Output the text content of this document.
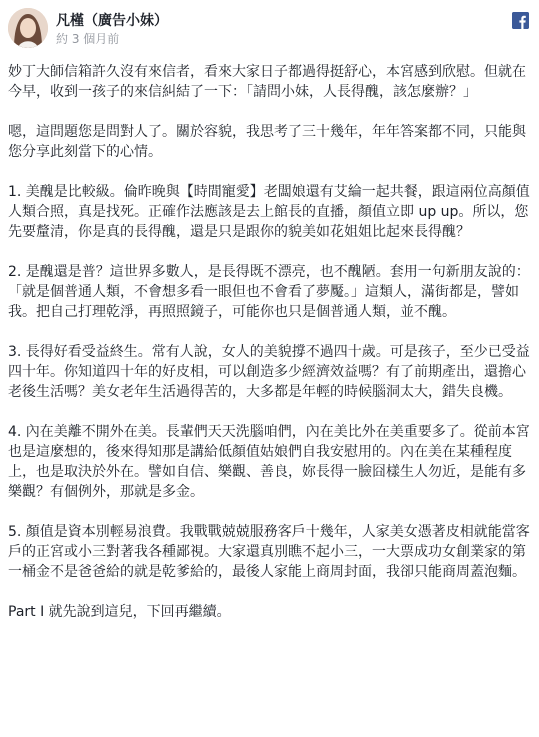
凡槿（廣告小妹）
約 3 個月前

妙丁大師信箱許久沒有來信者，看來大家日子都過得挺舒心，本宮感到欣慰。但就在今早，收到一孩子的來信糾結了一下：「請問小妹，人長得醜，該怎麼辦？」

嗯，這問題您是問對人了。關於容貌，我思考了三十幾年，年年答案都不同，只能與您分享此刻當下的心情。

1. 美醜是比較級。倫昨晚與【時間寵愛】老闆娘還有艾綸一起共餐，跟這兩位高顏值人類合照，真是找死。正確作法應該是去上館長的直播，顏值立即 up up。所以，您先要釐清，你是真的長得醜，還是只是跟你的貌美如花姐姐比起來長得醜？

2. 是醜還是普？這世界多數人，是長得既不漂亮，也不醜陋。套用一句新朋友說的：「就是個普通人類，不會想多看一眼但也不會看了夢魘。」這類人，滿街都是，譬如我。把自己打理乾淨，再照照鏡子，可能你也只是個普通人類，並不醜。

3. 長得好看受益終生。常有人說，女人的美貌撐不過四十歲。可是孩子，至少已受益四十年。你知道四十年的好皮相，可以創造多少經濟效益嗎？有了前期產出，還擔心老後生活嗎？美女老年生活過得苦的，大多都是年輕的時候腦洞太大，錯失良機。

4. 內在美離不開外在美。長輩們天天洗腦咱們，內在美比外在美重要多了。從前本宮也是這麼想的，後來得知那是講給低顏值姑娘們自我安慰用的。內在美在某種程度上，也是取決於外在。譬如自信、樂觀、善良，妳長得一臉囧樣生人勿近，是能有多樂觀？有個例外，那就是多金。

5. 顏值是資本別輕易浪費。我戰戰兢兢服務客戶十幾年，人家美女憑著皮相就能當客戶的正宮或小三對著我各種鄙視。大家還真別瞧不起小三，一大票成功女創業家的第一桶金不是爸爸給的就是乾爹給的，最後人家能上商周封面，我卻只能商周蓋泡麵。

Part I 就先說到這兒，下回再繼續。
